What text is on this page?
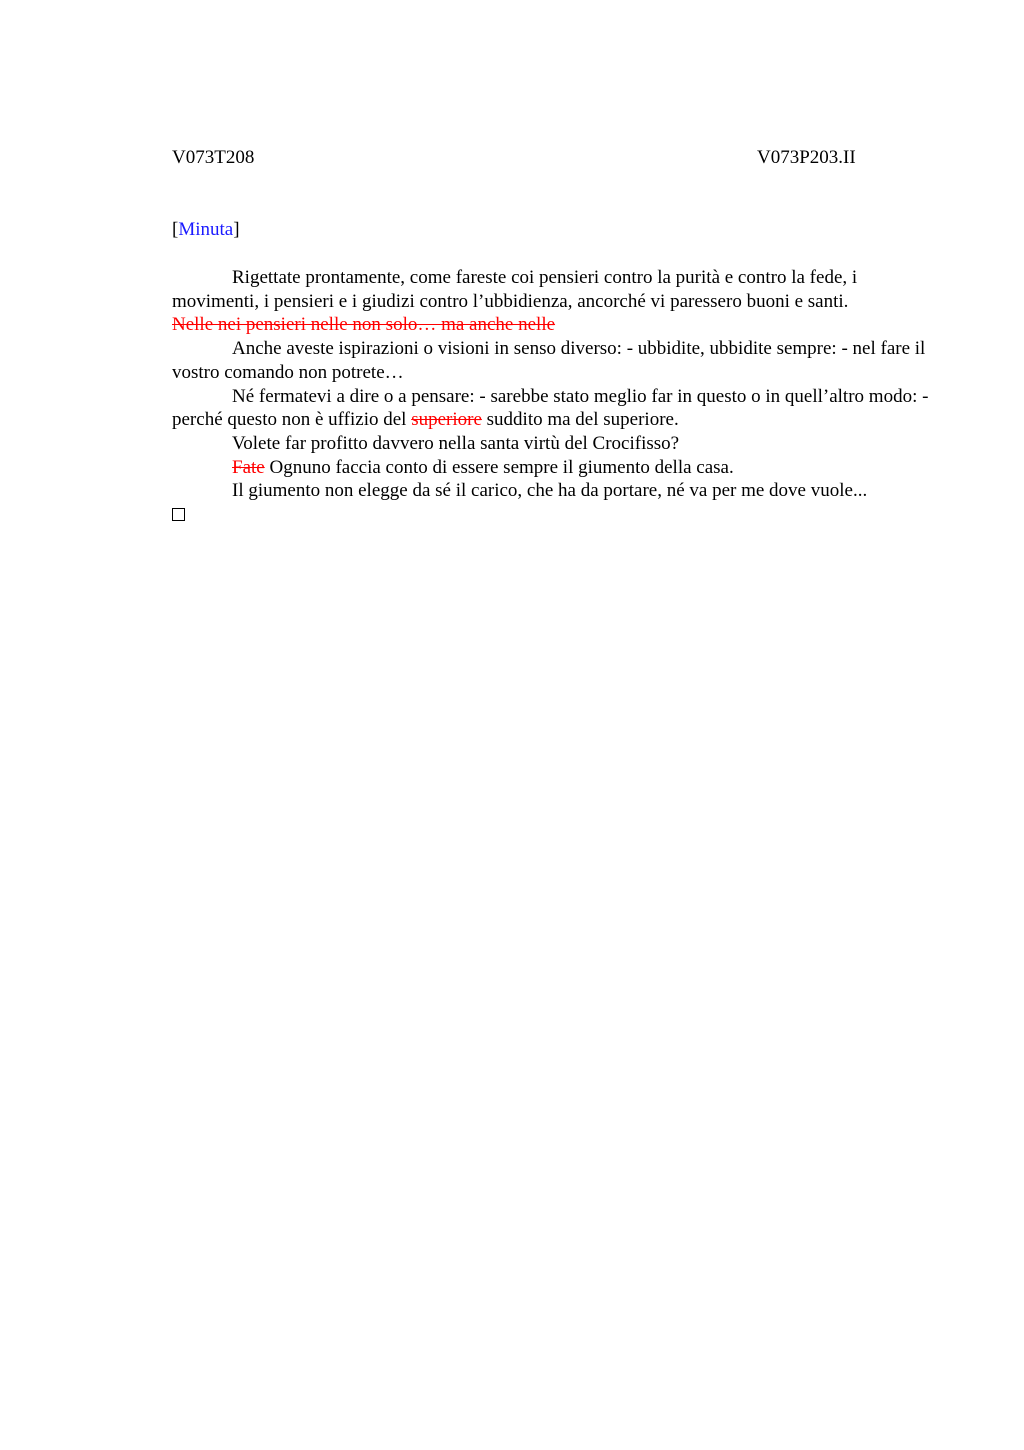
V073T208	V073P203.II
[Minuta]

Rigettate prontamente, come fareste coi pensieri contro la purità e contro la fede, i movimenti, i pensieri e i giudizi contro l’ubbidienza, ancorché vi paressero buoni e santi.

Nelle nei pensieri nelle non solo… ma anche nelle

Anche aveste ispirazioni o visioni in senso diverso: - ubbidite, ubbidite sempre: - nel fare il vostro comando non potrete…

Né fermatevi a dire o a pensare: - sarebbe stato meglio far in questo o in quell’altro modo: - perché questo non è uffizio del superiore suddito ma del superiore.

Volete far profitto davvero nella santa virtù del Crocifisso?

Fate Ognuno faccia conto di essere sempre il giumento della casa.

Il giumento non elegge da sé il carico, che ha da portare, né va per me dove vuole...
